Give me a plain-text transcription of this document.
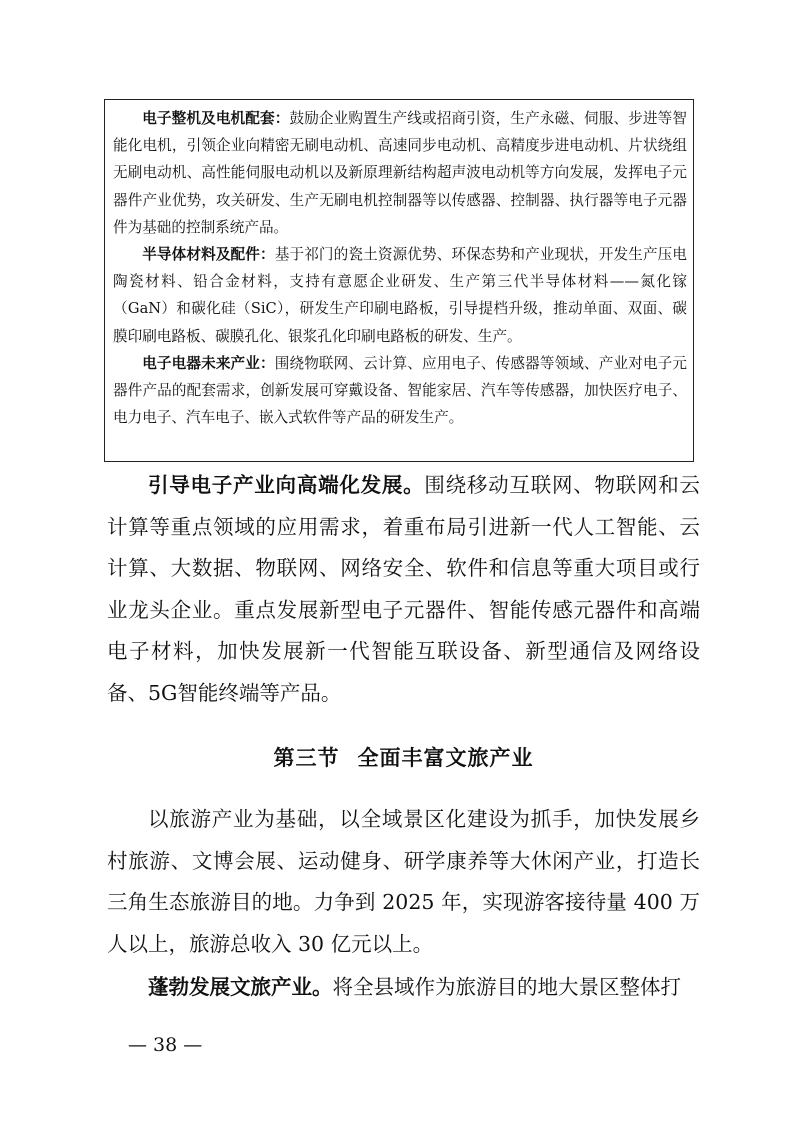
电子整机及电机配套：鼓励企业购置生产线或招商引资，生产永磁、伺服、步进等智能化电机，引领企业向精密无刷电动机、高速同步电动机、高精度步进电动机、片状绕组无刷电动机、高性能伺服电动机以及新原理新结构超声波电动机等方向发展，发挥电子元器件产业优势，攻关研发、生产无刷电机控制器等以传感器、控制器、执行器等电子元器件为基础的控制系统产品。

半导体材料及配件：基于祁门的瓷土资源优势、环保态势和产业现状，开发生产压电陶瓷材料、铅合金材料，支持有意愿企业研发、生产第三代半导体材料——氮化镓（GaN）和碳化硅（SiC），研发生产印刷电路板，引导提档升级，推动单面、双面、碳膜印刷电路板、碳膜孔化、银浆孔化印刷电路板的研发、生产。

电子电器未来产业：围绕物联网、云计算、应用电子、传感器等领域、产业对电子元器件产品的配套需求，创新发展可穿戴设备、智能家居、汽车等传感器，加快医疗电子、电力电子、汽车电子、嵌入式软件等产品的研发生产。

引导电子产业向高端化发展。围绕移动互联网、物联网和云计算等重点领域的应用需求，着重布局引进新一代人工智能、云计算、大数据、物联网、网络安全、软件和信息等重大项目或行业龙头企业。重点发展新型电子元器件、智能传感元器件和高端电子材料，加快发展新一代智能互联设备、新型通信及网络设备、5G智能终端等产品。

第三节 全面丰富文旅产业

以旅游产业为基础，以全域景区化建设为抓手，加快发展乡村旅游、文博会展、运动健身、研学康养等大休闲产业，打造长三角生态旅游目的地。力争到 2025 年，实现游客接待量 400 万人以上，旅游总收入 30 亿元以上。

蓬勃发展文旅产业。将全县域作为旅游目的地大景区整体打

— 38 —
